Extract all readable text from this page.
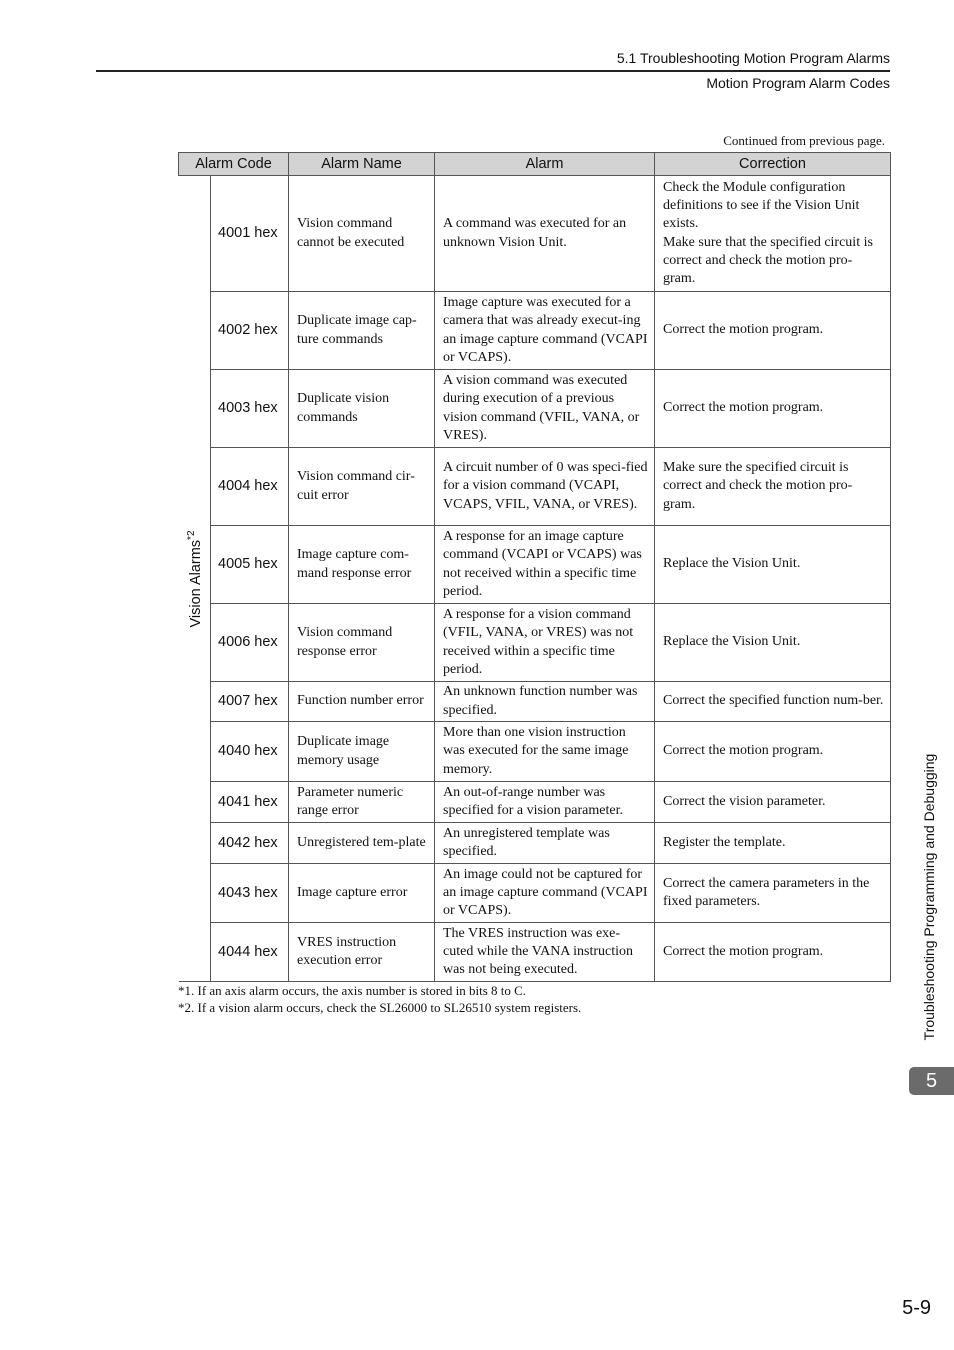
5.1 Troubleshooting Motion Program Alarms
Motion Program Alarm Codes
Continued from previous page.
Alarm Code		Alarm Name	Alarm	Correction

Vision Alarms$^{*2}$	4001 hex	Vision command cannot be executed	A command was executed for an unknown Vision Unit.	Check the Module configuration definitions to see if the Vision Unit exists.
Make sure that the specified circuit is correct and check the motion pro-gram.
	4002 hex	Duplicate image cap-ture commands	Image capture was executed for a camera that was already execut-ing an image capture command (VCAPI or VCAPS).	Correct the motion program.
	4003 hex	Duplicate vision commands	A vision command was executed during execution of a previous vision command (VFIL, VANA, or VRES).	Correct the motion program.
	4004 hex	Vision command cir-cuit error	A circuit number of 0 was speci-fied for a vision command (VCAPI, VCAPS, VFIL, VANA, or VRES).	Make sure the specified circuit is correct and check the motion pro-gram.
	4005 hex	Image capture com-mand response error	A response for an image capture command (VCAPI or VCAPS) was not received within a specific time period.	Replace the Vision Unit.
	4006 hex	Vision command response error	A response for a vision command (VFIL, VANA, or VRES) was not received within a specific time period.	Replace the Vision Unit.
	4007 hex	Function number error	An unknown function number was specified.	Correct the specified function num-ber.
	4040 hex	Duplicate image memory usage	More than one vision instruction was executed for the same image memory.	Correct the motion program.
	4041 hex	Parameter numeric range error	An out-of-range number was specified for a vision parameter.	Correct the vision parameter.
	4042 hex	Unregistered tem-plate	An unregistered template was specified.	Register the template.
	4043 hex	Image capture error	An image could not be captured for an image capture command (VCAPI or VCAPS).	Correct the camera parameters in the fixed parameters.
	4044 hex	VRES instruction execution error	The VRES instruction was exe-cuted while the VANA instruction was not being executed.	Correct the motion program.
*1. If an axis alarm occurs, the axis number is stored in bits 8 to C.
*2. If a vision alarm occurs, check the SL26000 to SL26510 system registers.	Troubleshooting Programming and Debugging
5
5-9
